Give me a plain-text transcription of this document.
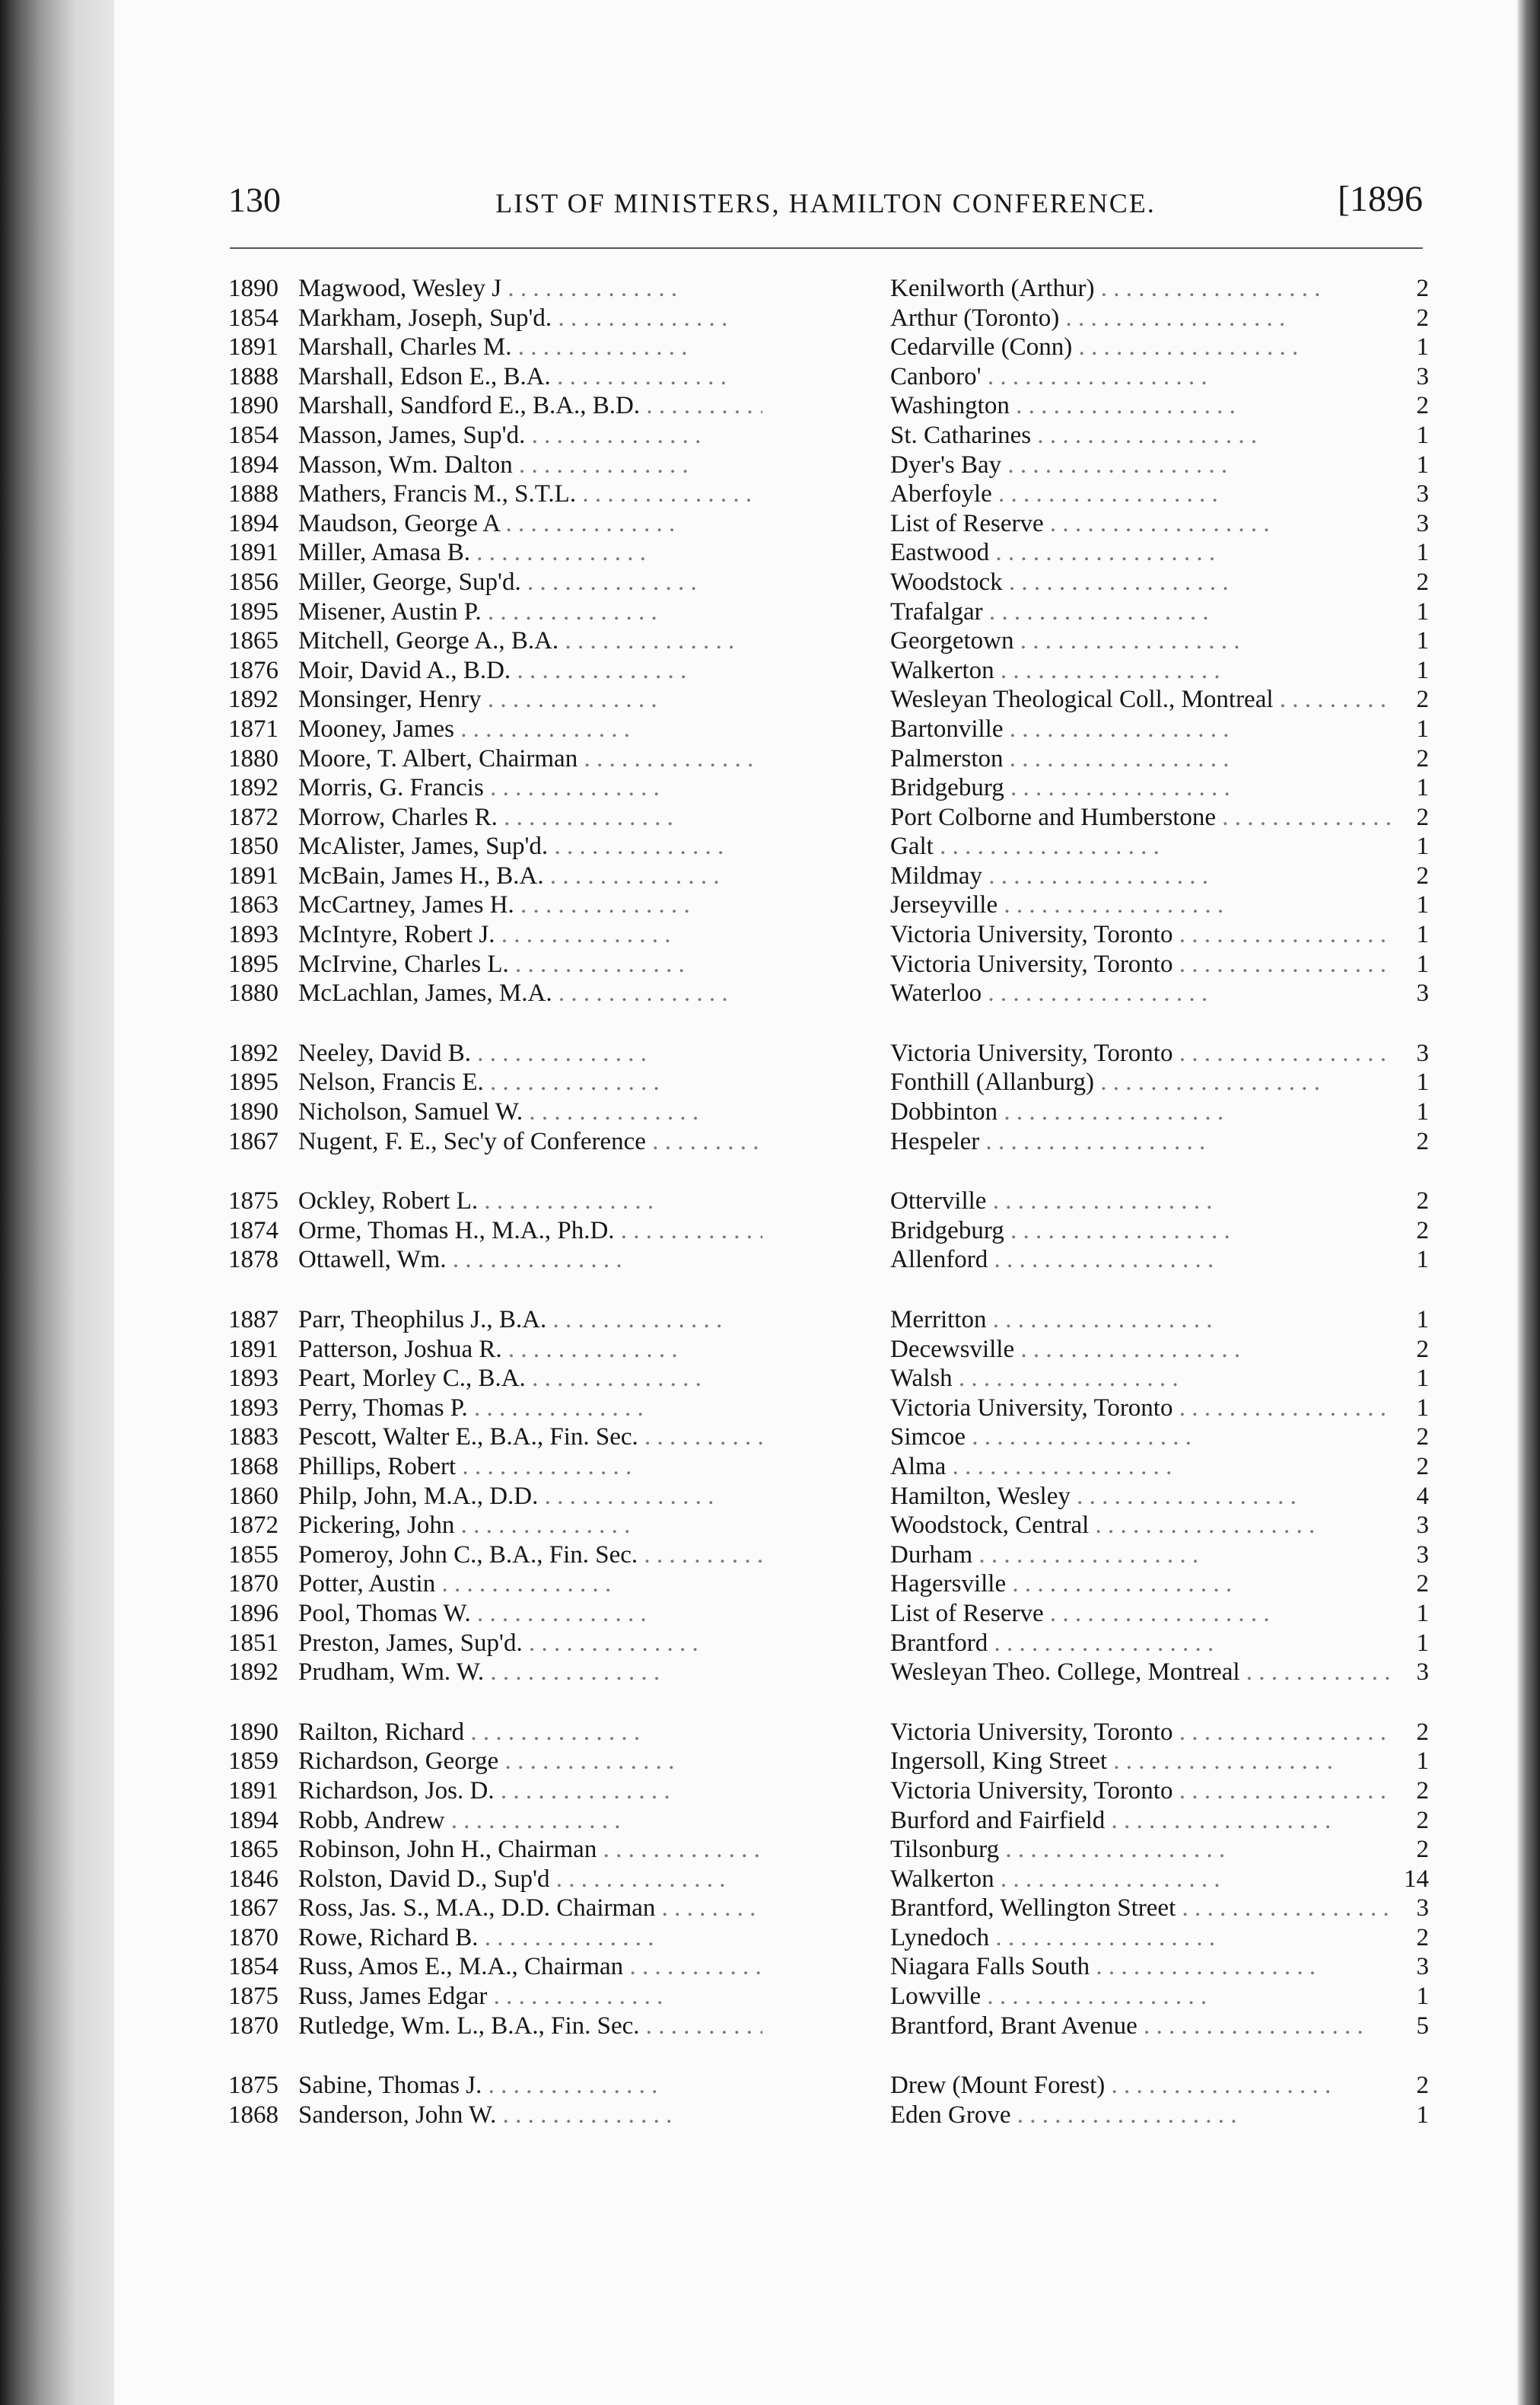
130	LIST OF MINISTERS, HAMILTON CONFERENCE.	[1896
1890 Magwood, Wesley J . .	Kenilworth (Arthur) . .	2
1854 Markham, Joseph, Sup'd. . .	Arthur (Toronto) . .	2
1891 Marshall, Charles M. . .	Cedarville (Conn) . .	1
1888 Marshall, Edson E., B.A. . .	Canboro' . .	3
1890 Marshall, Sandford E., B.A., B.D. . .	Washington . .	2
1854 Masson, James, Sup'd. . .	St. Catharines . .	1
1894 Masson, Wm. Dalton . .	Dyer's Bay . .	1
1888 Mathers, Francis M., S.T.L. . .	Aberfoyle . .	3
1894 Maudson, George A . .	List of Reserve . .	3
1891 Miller, Amasa B. . .	Eastwood . .	1
1856 Miller, George, Sup'd. . .	Woodstock . .	2
1895 Misener, Austin P. . .	Trafalgar . .	1
1865 Mitchell, George A., B.A. . .	Georgetown . .	1
1876 Moir, David A., B.D. . .	Walkerton . .	1
1892 Monsinger, Henry . .	Wesleyan Theological Coll., Montreal . .	2
1871 Mooney, James . .	Bartonville . .	1
1880 Moore, T. Albert, Chairman . .	Palmerston . .	2
1892 Morris, G. Francis . .	Bridgeburg . .	1
1872 Morrow, Charles R. . .	Port Colborne and Humberstone . .	2
1850 McAlister, James, Sup'd. . .	Galt . .	1
1891 McBain, James H., B.A. . .	Mildmay . .	2
1863 McCartney, James H. . .	Jerseyville . .	1
1893 McIntyre, Robert J. . .	Victoria University, Toronto . .	1
1895 McIrvine, Charles L. . .	Victoria University, Toronto . .	1
1880 McLachlan, James, M.A. . .	Waterloo . .	3
1892 Neeley, David B. . .	Victoria University, Toronto . .	3
1895 Nelson, Francis E. . .	Fonthill (Allanburg) . .	1
1890 Nicholson, Samuel W. . .	Dobbinton . .	1
1867 Nugent, F. E., Sec'y of Conference . .	Hespeler . .	2
1875 Ockley, Robert L. . .	Otterville . .	2
1874 Orme, Thomas H., M.A., Ph.D. . .	Bridgeburg . .	2
1878 Ottawell, Wm. . .	Allenford . .	1
1887 Parr, Theophilus J., B.A. . .	Merritton . .	1
1891 Patterson, Joshua R. . .	Decewsville . .	2
1893 Peart, Morley C., B.A. . .	Walsh . .	1
1893 Perry, Thomas P. . .	Victoria University, Toronto . .	1
1883 Pescott, Walter E., B.A., Fin. Sec. . .	Simcoe . .	2
1868 Phillips, Robert . .	Alma . .	2
1860 Philp, John, M.A., D.D. . .	Hamilton, Wesley . .	4
1872 Pickering, John . .	Woodstock, Central . .	3
1855 Pomeroy, John C., B.A., Fin. Sec. . .	Durham . .	3
1870 Potter, Austin . .	Hagersville . .	2
1896 Pool, Thomas W. . .	List of Reserve . .	1
1851 Preston, James, Sup'd. . .	Brantford . .	1
1892 Prudham, Wm. W. . .	Wesleyan Theo. College, Montreal . .	3
1890 Railton, Richard . .	Victoria University, Toronto . .	2
1859 Richardson, George . .	Ingersoll, King Street . .	1
1891 Richardson, Jos. D. . .	Victoria University, Toronto . .	2
1894 Robb, Andrew . .	Burford and Fairfield . .	2
1865 Robinson, John H., Chairman . .	Tilsonburg . .	2
1846 Rolston, David D., Sup'd . .	Walkerton . .	14
1867 Ross, Jas. S., M.A., D.D. Chairman . .	Brantford, Wellington Street . .	3
1870 Rowe, Richard B. . .	Lynedoch . .	2
1854 Russ, Amos E., M.A., Chairman . .	Niagara Falls South . .	3
1875 Russ, James Edgar . .	Lowville . .	1
1870 Rutledge, Wm. L., B.A., Fin. Sec. . .	Brantford, Brant Avenue . .	5
1875 Sabine, Thomas J. . .	Drew (Mount Forest) . .	2
1868 Sanderson, John W. . .	Eden Grove . .	1
